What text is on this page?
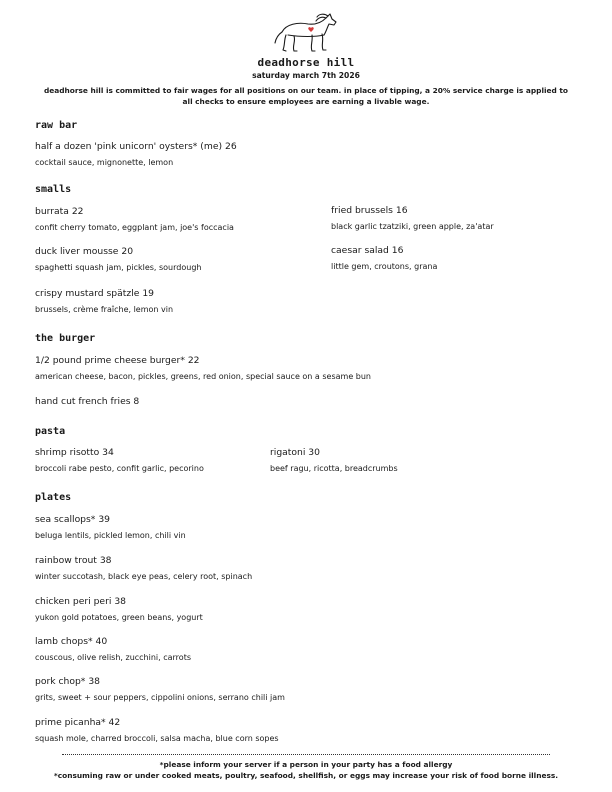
deadhorse hill
saturday march 7th 2026
deadhorse hill is committed to fair wages for all positions on our team. in place of tipping, a 20% service charge is applied to
all checks to ensure employees are earning a livable wage.
raw bar
half a dozen 'pink unicorn' oysters* (me) 26
cocktail sauce, mignonette, lemon
smalls
burrata 22
confit cherry tomato, eggplant jam, joe's foccacia
fried brussels 16
black garlic tzatziki, green apple, za'atar
duck liver mousse 20
spaghetti squash jam, pickles, sourdough
caesar salad 16
little gem, croutons, grana
crispy mustard spätzle 19
brussels, crème fraîche, lemon vin
the burger
1/2 pound prime cheese burger* 22
american cheese, bacon, pickles, greens, red onion, special sauce on a sesame bun
hand cut french fries 8
pasta
shrimp risotto 34
broccoli rabe pesto, confit garlic, pecorino
rigatoni 30
beef ragu, ricotta, breadcrumbs
plates
sea scallops* 39
beluga lentils, pickled lemon, chili vin
rainbow trout 38
winter succotash, black eye peas, celery root, spinach
chicken peri peri 38
yukon gold potatoes, green beans, yogurt
lamb chops* 40
couscous, olive relish, zucchini, carrots
pork chop* 38
grits, sweet + sour peppers, cippolini onions, serrano chili jam
prime picanha* 42
squash mole, charred broccoli, salsa macha, blue corn sopes
*please inform your server if a person in your party has a food allergy
*consuming raw or under cooked meats, poultry, seafood, shellfish, or eggs may increase your risk of food borne illness.
